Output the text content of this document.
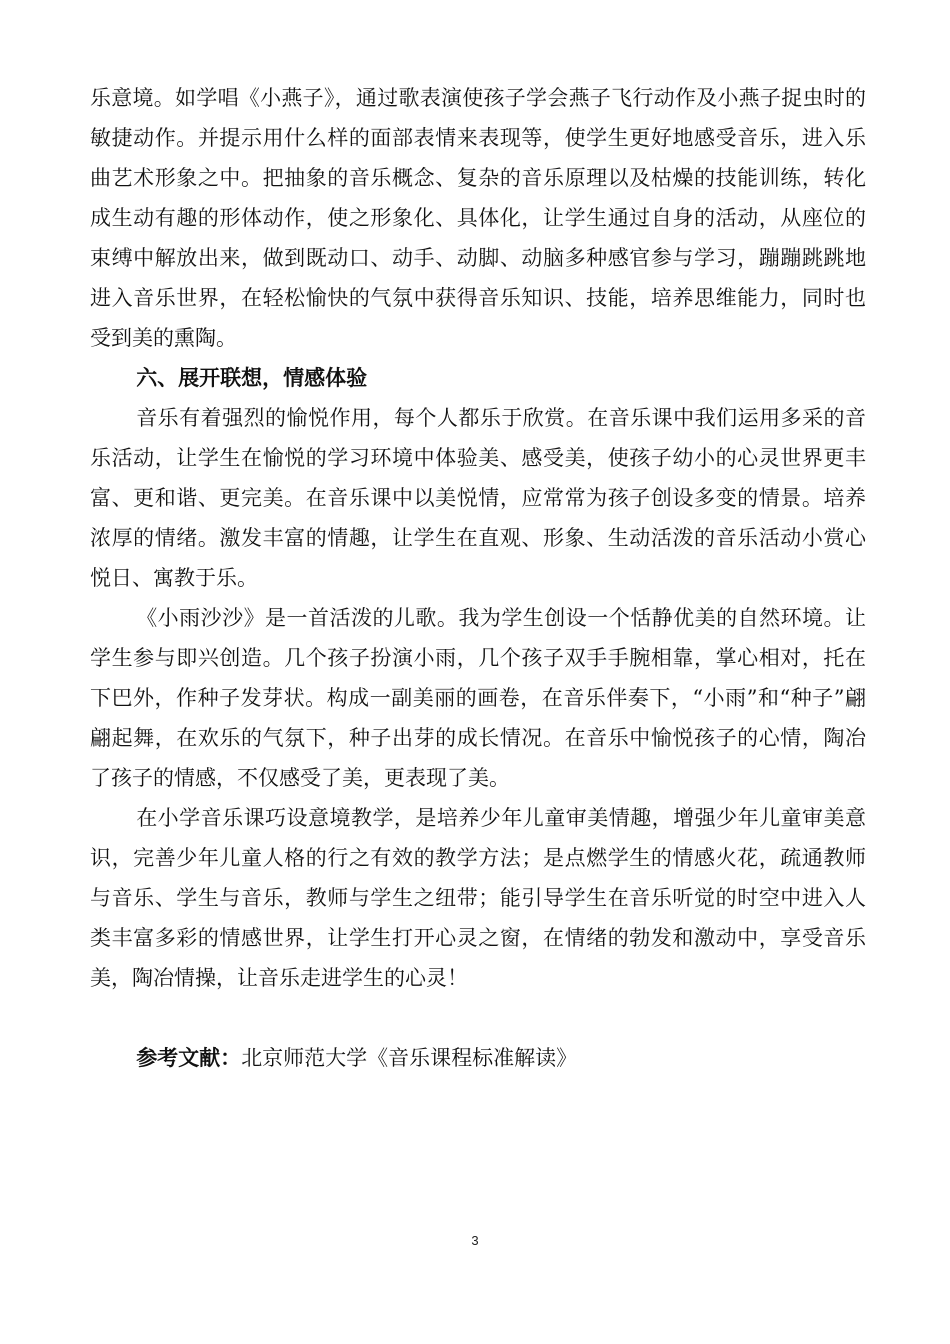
乐意境。如学唱《小燕子》，通过歌表演使孩子学会燕子飞行动作及小燕子捉虫时的敏捷动作。并提示用什么样的面部表情来表现等，使学生更好地感受音乐，进入乐曲艺术形象之中。把抽象的音乐概念、复杂的音乐原理以及枯燥的技能训练，转化成生动有趣的形体动作，使之形象化、具体化，让学生通过自身的活动，从座位的束缚中解放出来，做到既动口、动手、动脚、动脑多种感官参与学习，蹦蹦跳跳地进入音乐世界，在轻松愉快的气氛中获得音乐知识、技能，培养思维能力，同时也受到美的熏陶。

六、展开联想，情感体验

音乐有着强烈的愉悦作用，每个人都乐于欣赏。在音乐课中我们运用多采的音乐活动，让学生在愉悦的学习环境中体验美、感受美，使孩子幼小的心灵世界更丰富、更和谐、更完美。在音乐课中以美悦情，应常常为孩子创设多变的情景。培养浓厚的情绪。激发丰富的情趣，让学生在直观、形象、生动活泼的音乐活动小赏心悦日、寓教于乐。

《小雨沙沙》是一首活泼的儿歌。我为学生创设一个恬静优美的自然环境。让学生参与即兴创造。几个孩子扮演小雨，几个孩子双手手腕相靠，掌心相对，托在下巴外，作种子发芽状。构成一副美丽的画卷，在音乐伴奏下，“小雨”和“种子”翩翩起舞，在欢乐的气氛下，种子出芽的成长情况。在音乐中愉悦孩子的心情，陶冶了孩子的情感，不仅感受了美，更表现了美。

在小学音乐课巧设意境教学，是培养少年儿童审美情趣，增强少年儿童审美意识，完善少年儿童人格的行之有效的教学方法；是点燃学生的情感火花，疏通教师与音乐、学生与音乐，教师与学生之纽带；能引导学生在音乐听觉的时空中进入人类丰富多彩的情感世界，让学生打开心灵之窗，在情绪的勃发和激动中，享受音乐美，陶冶情操，让音乐走进学生的心灵！

参考文献：北京师范大学《音乐课程标准解读》

3
